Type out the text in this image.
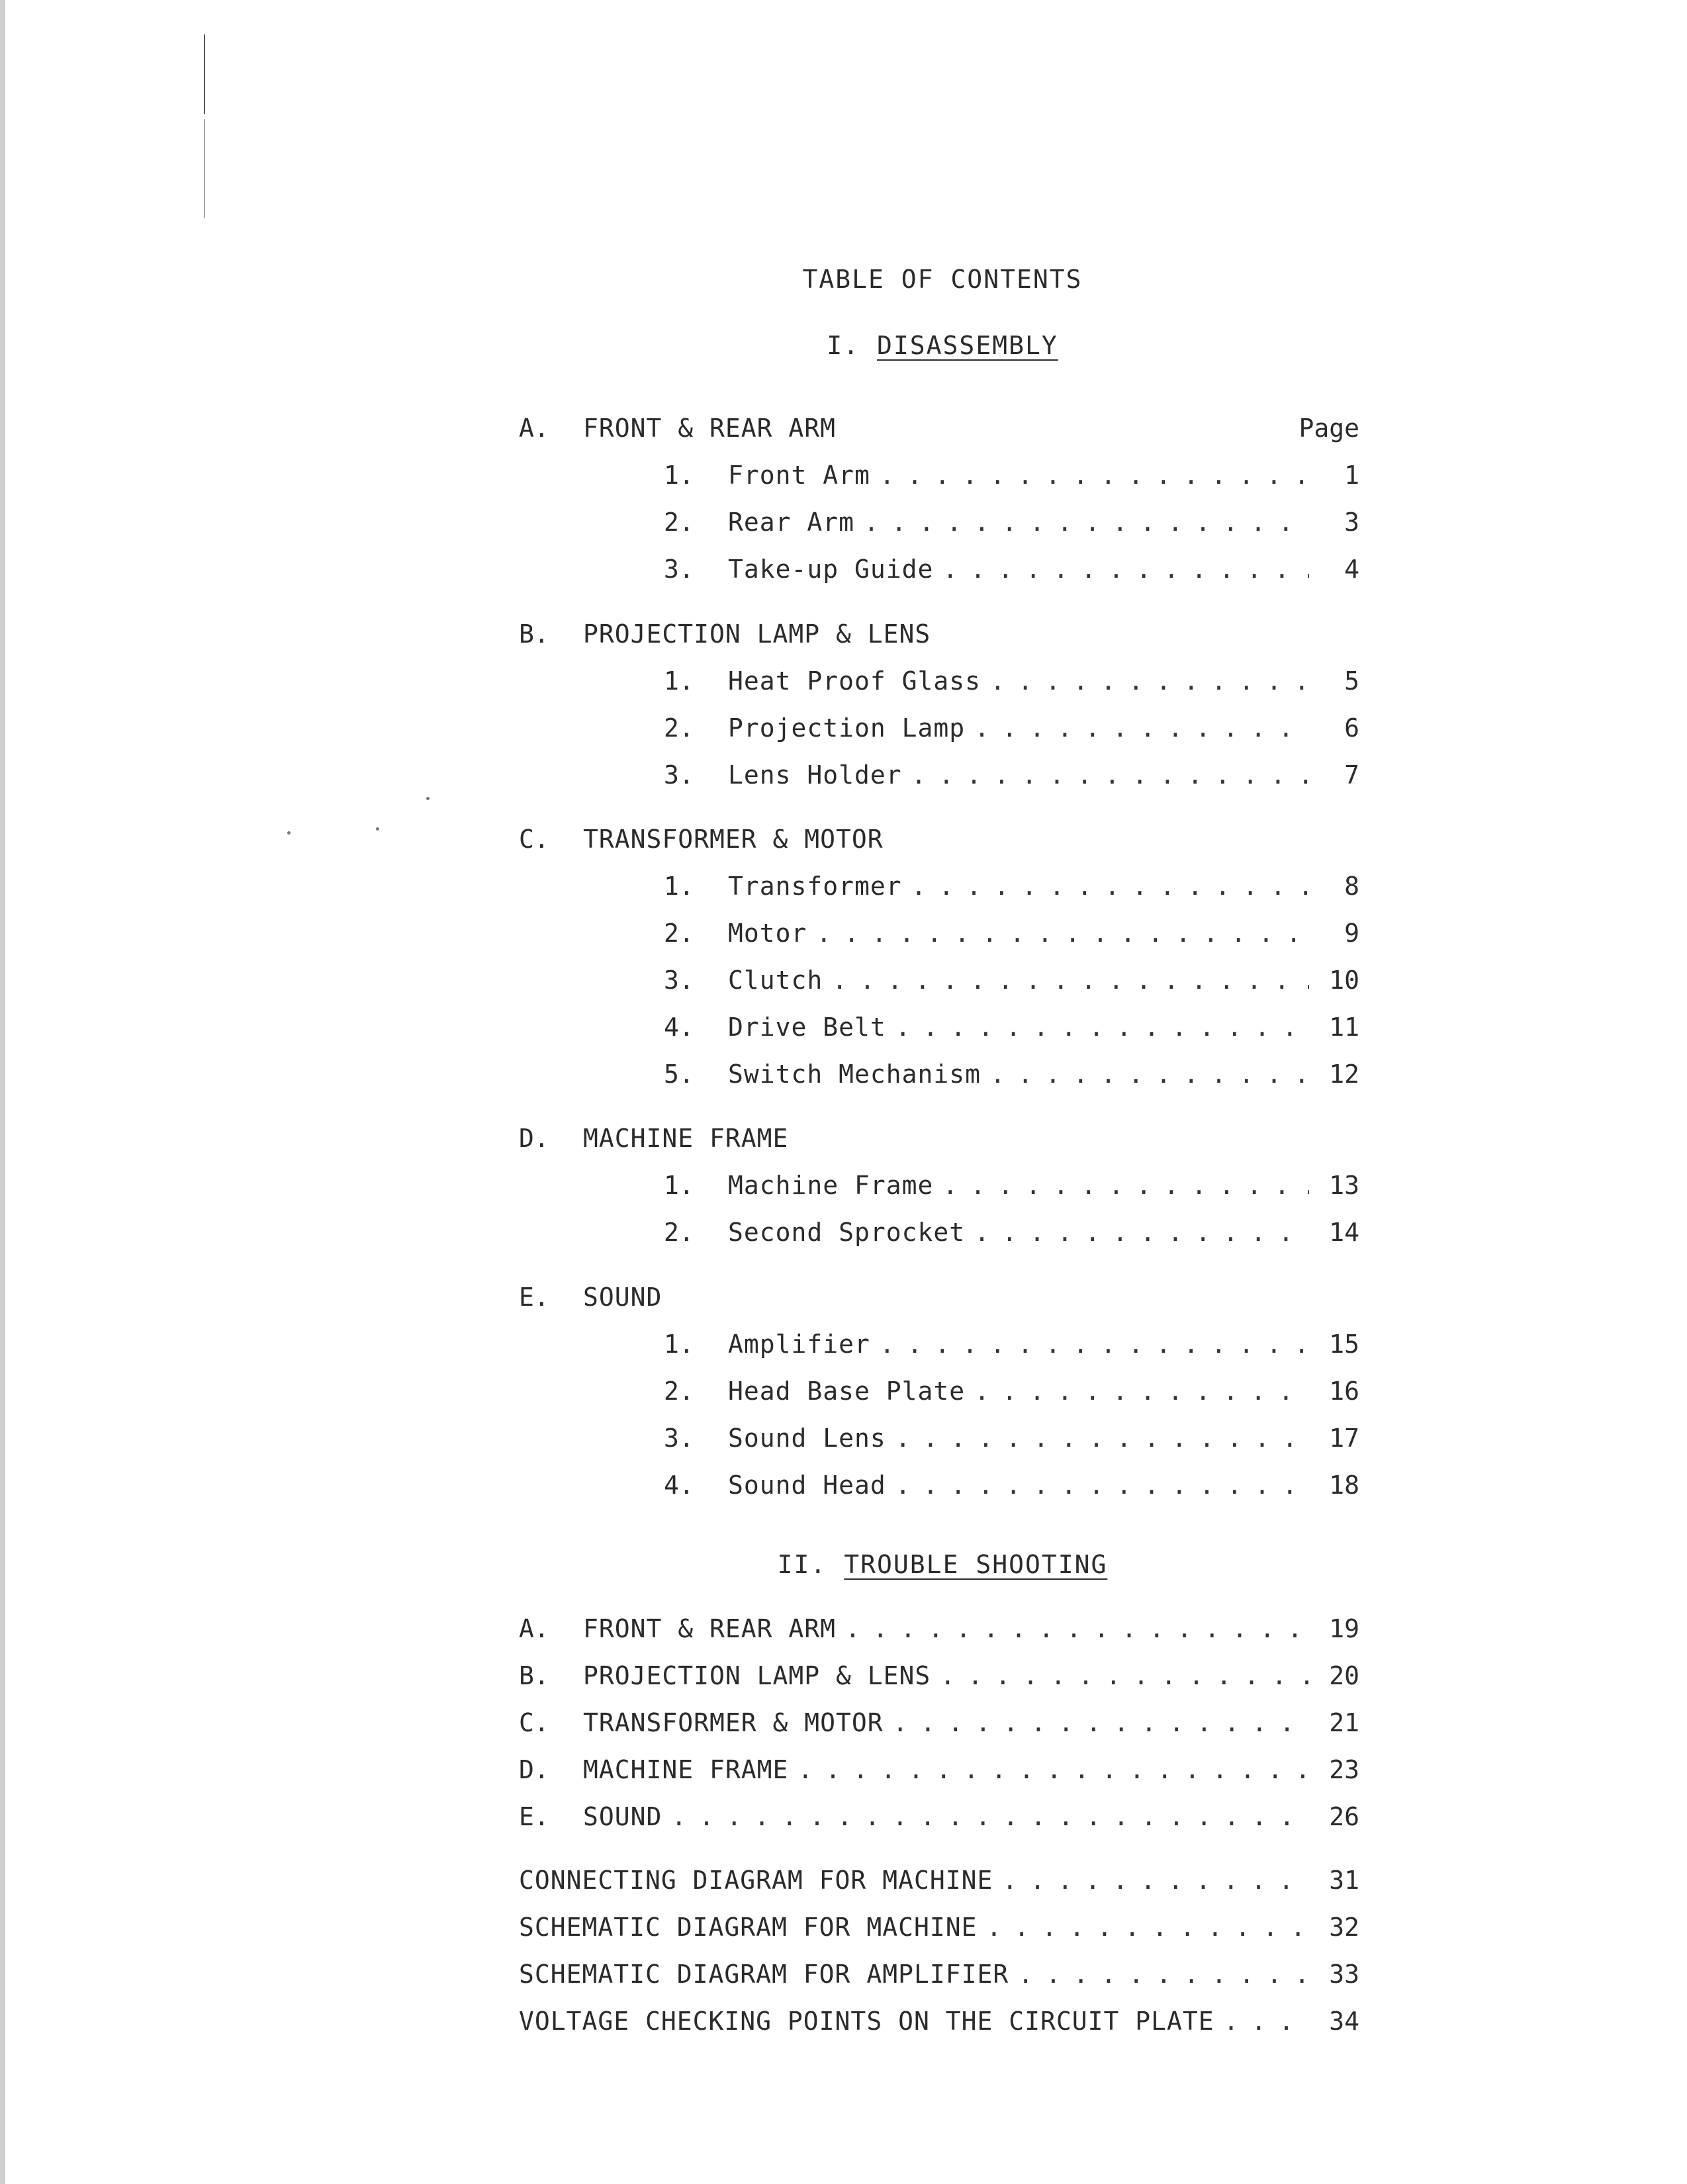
TABLE OF CONTENTS
I. DISASSEMBLY
A.	FRONT & REAR ARM	Page
1.	Front Arm . . .	1
2.	Rear Arm . . .	3
3.	Take-up Guide . . .	4
B.	PROJECTION LAMP & LENS
1.	Heat Proof Glass . . .	5
2.	Projection Lamp . . .	6
3.	Lens Holder . . .	7
C.	TRANSFORMER & MOTOR
1.	Transformer . . .	8
2.	Motor . . .	9
3.	Clutch . . .	10
4.	Drive Belt . . .	11
5.	Switch Mechanism . . .	12
D.	MACHINE FRAME
1.	Machine Frame . . .	13
2.	Second Sprocket . . .	14
E.	SOUND
1.	Amplifier . . .	15
2.	Head Base Plate . . .	16
3.	Sound Lens . . .	17
4.	Sound Head . . .	18
II. TROUBLE SHOOTING
A.	FRONT & REAR ARM . . .	19
B.	PROJECTION LAMP & LENS . . .	20
C.	TRANSFORMER & MOTOR . . .	21
D.	MACHINE FRAME . . .	23
E.	SOUND . . .	26
CONNECTING DIAGRAM FOR MACHINE . . .	31
SCHEMATIC DIAGRAM FOR MACHINE . . .	32
SCHEMATIC DIAGRAM FOR AMPLIFIER . . .	33
VOLTAGE CHECKING POINTS ON THE CIRCUIT PLATE . . .	34
